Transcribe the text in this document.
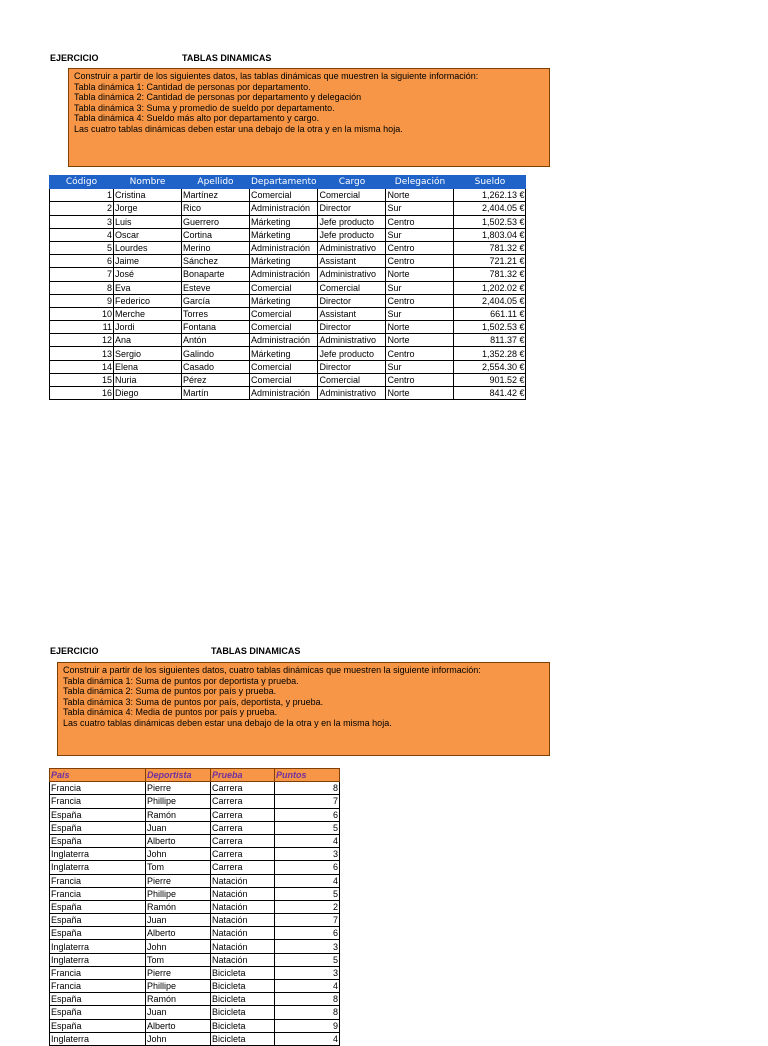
EJERCICIO	TABLAS DINAMICAS
Construir a partir de los siguientes datos, las tablas dinámicas que muestren la siguiente información:
Tabla dinámica 1: Cantidad de personas por departamento.
Tabla dinámica 2: Cantidad de personas por departamento y delegación
Tabla dinámica 3: Suma y promedio de sueldo por departamento.
Tabla dinámica 4: Sueldo más alto por departamento y cargo.
Las cuatro tablas dinámicas deben estar una debajo de la otra y en la misma hoja.
Código	Nombre	Apellido	Departamento	Cargo	Delegación	Sueldo
1	Cristina	Martínez	Comercial	Comercial	Norte	1,262.13 €
2	Jorge	Rico	Administración	Director	Sur	2,404.05 €
3	Luis	Guerrero	Márketing	Jefe producto	Centro	1,502.53 €
4	Oscar	Cortina	Márketing	Jefe producto	Sur	1,803.04 €
5	Lourdes	Merino	Administración	Administrativo	Centro	781.32 €
6	Jaime	Sánchez	Márketing	Assistant	Centro	721.21 €
7	José	Bonaparte	Administración	Administrativo	Norte	781.32 €
8	Eva	Esteve	Comercial	Comercial	Sur	1,202.02 €
9	Federico	García	Márketing	Director	Centro	2,404.05 €
10	Merche	Torres	Comercial	Assistant	Sur	661.11 €
11	Jordi	Fontana	Comercial	Director	Norte	1,502.53 €
12	Ana	Antón	Administración	Administrativo	Norte	811.37 €
13	Sergio	Galindo	Márketing	Jefe producto	Centro	1,352.28 €
14	Elena	Casado	Comercial	Director	Sur	2,554.30 €
15	Nuria	Pérez	Comercial	Comercial	Centro	901.52 €
16	Diego	Martín	Administración	Administrativo	Norte	841.42 €
EJERCICIO	TABLAS DINAMICAS
Construir a partir de los siguientes datos, cuatro tablas dinámicas que muestren la siguiente información:
Tabla dinámica 1: Suma de puntos por deportista y prueba.
Tabla dinámica 2: Suma de puntos por país y prueba.
Tabla dinámica 3: Suma de puntos por país, deportista, y prueba.
Tabla dinámica 4: Media de puntos por país y prueba.
Las cuatro tablas dinámicas deben estar una debajo de la otra y en la misma hoja.
País	Deportista	Prueba	Puntos
Francia	Pierre	Carrera	8
Francia	Phillipe	Carrera	7
España	Ramón	Carrera	6
España	Juan	Carrera	5
España	Alberto	Carrera	4
Inglaterra	John	Carrera	3
Inglaterra	Tom	Carrera	6
Francia	Pierre	Natación	4
Francia	Phillipe	Natación	5
España	Ramón	Natación	2
España	Juan	Natación	7
España	Alberto	Natación	6
Inglaterra	John	Natación	3
Inglaterra	Tom	Natación	5
Francia	Pierre	Bicicleta	3
Francia	Phillipe	Bicicleta	4
España	Ramón	Bicicleta	8
España	Juan	Bicicleta	8
España	Alberto	Bicicleta	9
Inglaterra	John	Bicicleta	4
